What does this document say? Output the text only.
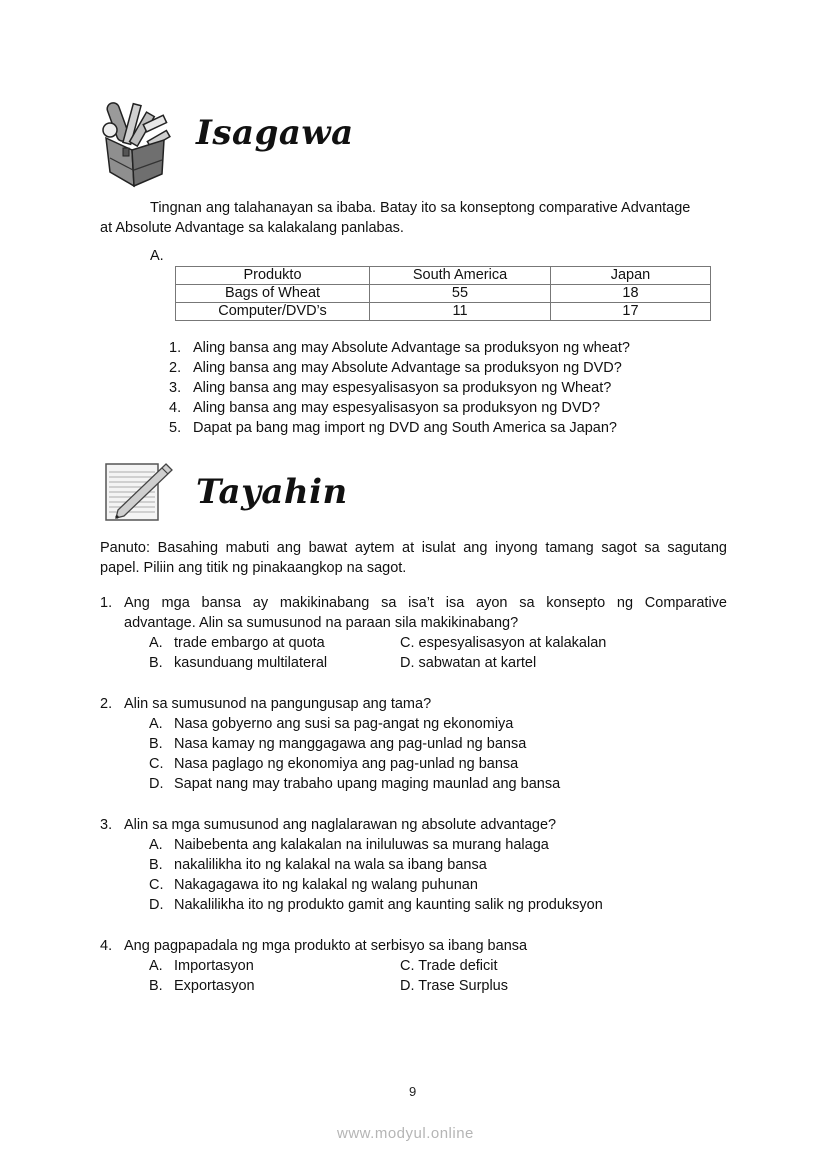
Isagawa
Tingnan ang talahanayan sa ibaba. Batay ito sa konseptong comparative Advantage
at Absolute Advantage sa kalakalang panlabas.
A.
Produkto	South America	Japan
Bags of Wheat	55	18
Computer/DVD’s	11	17
1. Aling bansa ang may Absolute Advantage sa produksyon ng wheat?
2. Aling bansa ang may Absolute Advantage sa produksyon ng DVD?
3. Aling bansa ang may espesyalisasyon sa produksyon ng Wheat?
4. Aling bansa ang may espesyalisasyon sa produksyon ng DVD?
5. Dapat pa bang mag import ng DVD ang South America sa Japan?
Tayahin
Panuto: Basahing mabuti ang bawat aytem at isulat ang inyong tamang sagot sa sagutang
papel. Piliin ang titik ng pinakaangkop na sagot.
1. Ang mga bansa ay makikinabang sa isa’t isa ayon sa konsepto ng Comparative
advantage. Alin sa sumusunod na paraan sila makikinabang?
A. trade embargo at quota
B. kasunduang multilateral
C. espesyalisasyon at kalakalan
D. sabwatan at kartel
2. Alin sa sumusunod na pangungusap ang tama?
A. Nasa gobyerno ang susi sa pag-angat ng ekonomiya
B. Nasa kamay ng manggagawa ang pag-unlad ng bansa
C. Nasa paglago ng ekonomiya ang pag-unlad ng bansa
D. Sapat nang may trabaho upang maging maunlad ang bansa
3. Alin sa mga sumusunod ang naglalarawan ng absolute advantage?
A. Naibebenta ang kalakalan na iniluluwas sa murang halaga
B. nakalilikha ito ng kalakal na wala sa ibang bansa
C. Nakagagawa ito ng kalakal ng walang puhunan
D. Nakalilikha ito ng produkto gamit ang kaunting salik ng produksyon
4. Ang pagpapadala ng mga produkto at serbisyo sa ibang bansa
A. Importasyon
B. Exportasyon
C. Trade deficit
D. Trase Surplus
9
www.modyul.online
